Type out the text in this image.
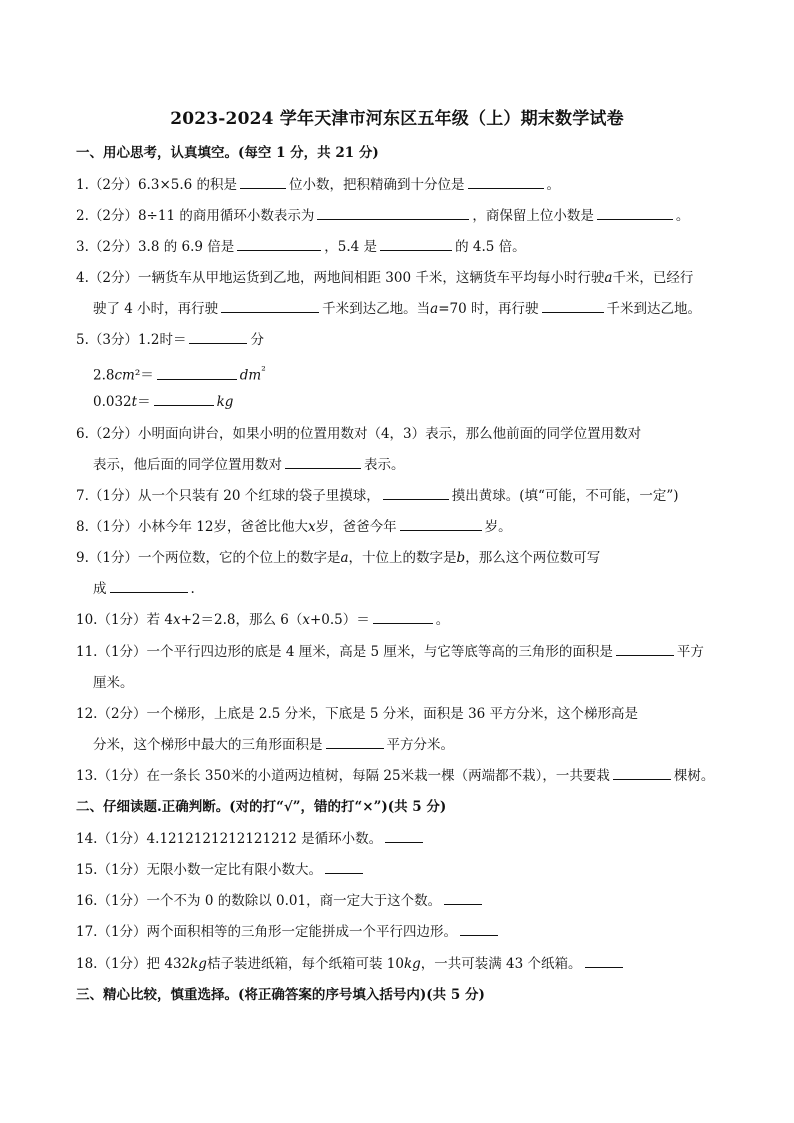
2023-2024 学年天津市河东区五年级（上）期末数学试卷
一、用心思考，认真填空。(每空 1 分，共 21 分)
1.（2分）6.3×5.6 的积是	位小数，把积精确到十分位是	。
2.（2分）8÷11 的商用循环小数表示为	，商保留上位小数是	。
3.（2分）3.8 的 6.9 倍是	，5.4 是	的 4.5 倍。
4.（2分）一辆货车从甲地运货到乙地，两地间相距 300 千米，这辆货车平均每小时行驶a千米，已经行
驶了 4 小时，再行驶	千米到达乙地。当a=70 时，再行驶	千米到达乙地。
5.（3分）1.2时＝	分
2.8cm²＝	$dm^{^2}$
0.032t＝	kg
6.（2分）小明面向讲台，如果小明的位置用数对（4，3）表示，那么他前面的同学位置用数对
表示，他后面的同学位置用数对	表示。
7.（1分）从一个只装有 20 个红球的袋子里摸球，	摸出黄球。(填“可能，不可能，一定”)
8.（1分）小林今年 12岁，爸爸比他大x岁，爸爸今年	岁。
9.（1分）一个两位数，它的个位上的数字是a，十位上的数字是b，那么这个两位数可写
成	.
10.（1分）若 4x+2＝2.8，那么 6（x+0.5）＝	。
11.（1分）一个平行四边形的底是 4 厘米，高是 5 厘米，与它等底等高的三角形的面积是	平方
厘米。
12.（2分）一个梯形，上底是 2.5 分米，下底是 5 分米，面积是 36 平方分米，这个梯形高是
分米，这个梯形中最大的三角形面积是	平方分米。
13.（1分）在一条长 350米的小道两边植树，每隔 25米栽一棵（两端都不栽），一共要栽	棵树。
二、仔细读题.正确判断。(对的打“√”，错的打“×”)(共 5 分)
14.（1分）4.1212121212121212 是循环小数。
15.（1分）无限小数一定比有限小数大。
16.（1分）一个不为 0 的数除以 0.01，商一定大于这个数。
17.（1分）两个面积相等的三角形一定能拼成一个平行四边形。
18.（1分）把 432kg桔子装进纸箱，每个纸箱可装 10kg，一共可装满 43 个纸箱。
三、精心比较，慎重选择。(将正确答案的序号填入括号内)(共 5 分)
